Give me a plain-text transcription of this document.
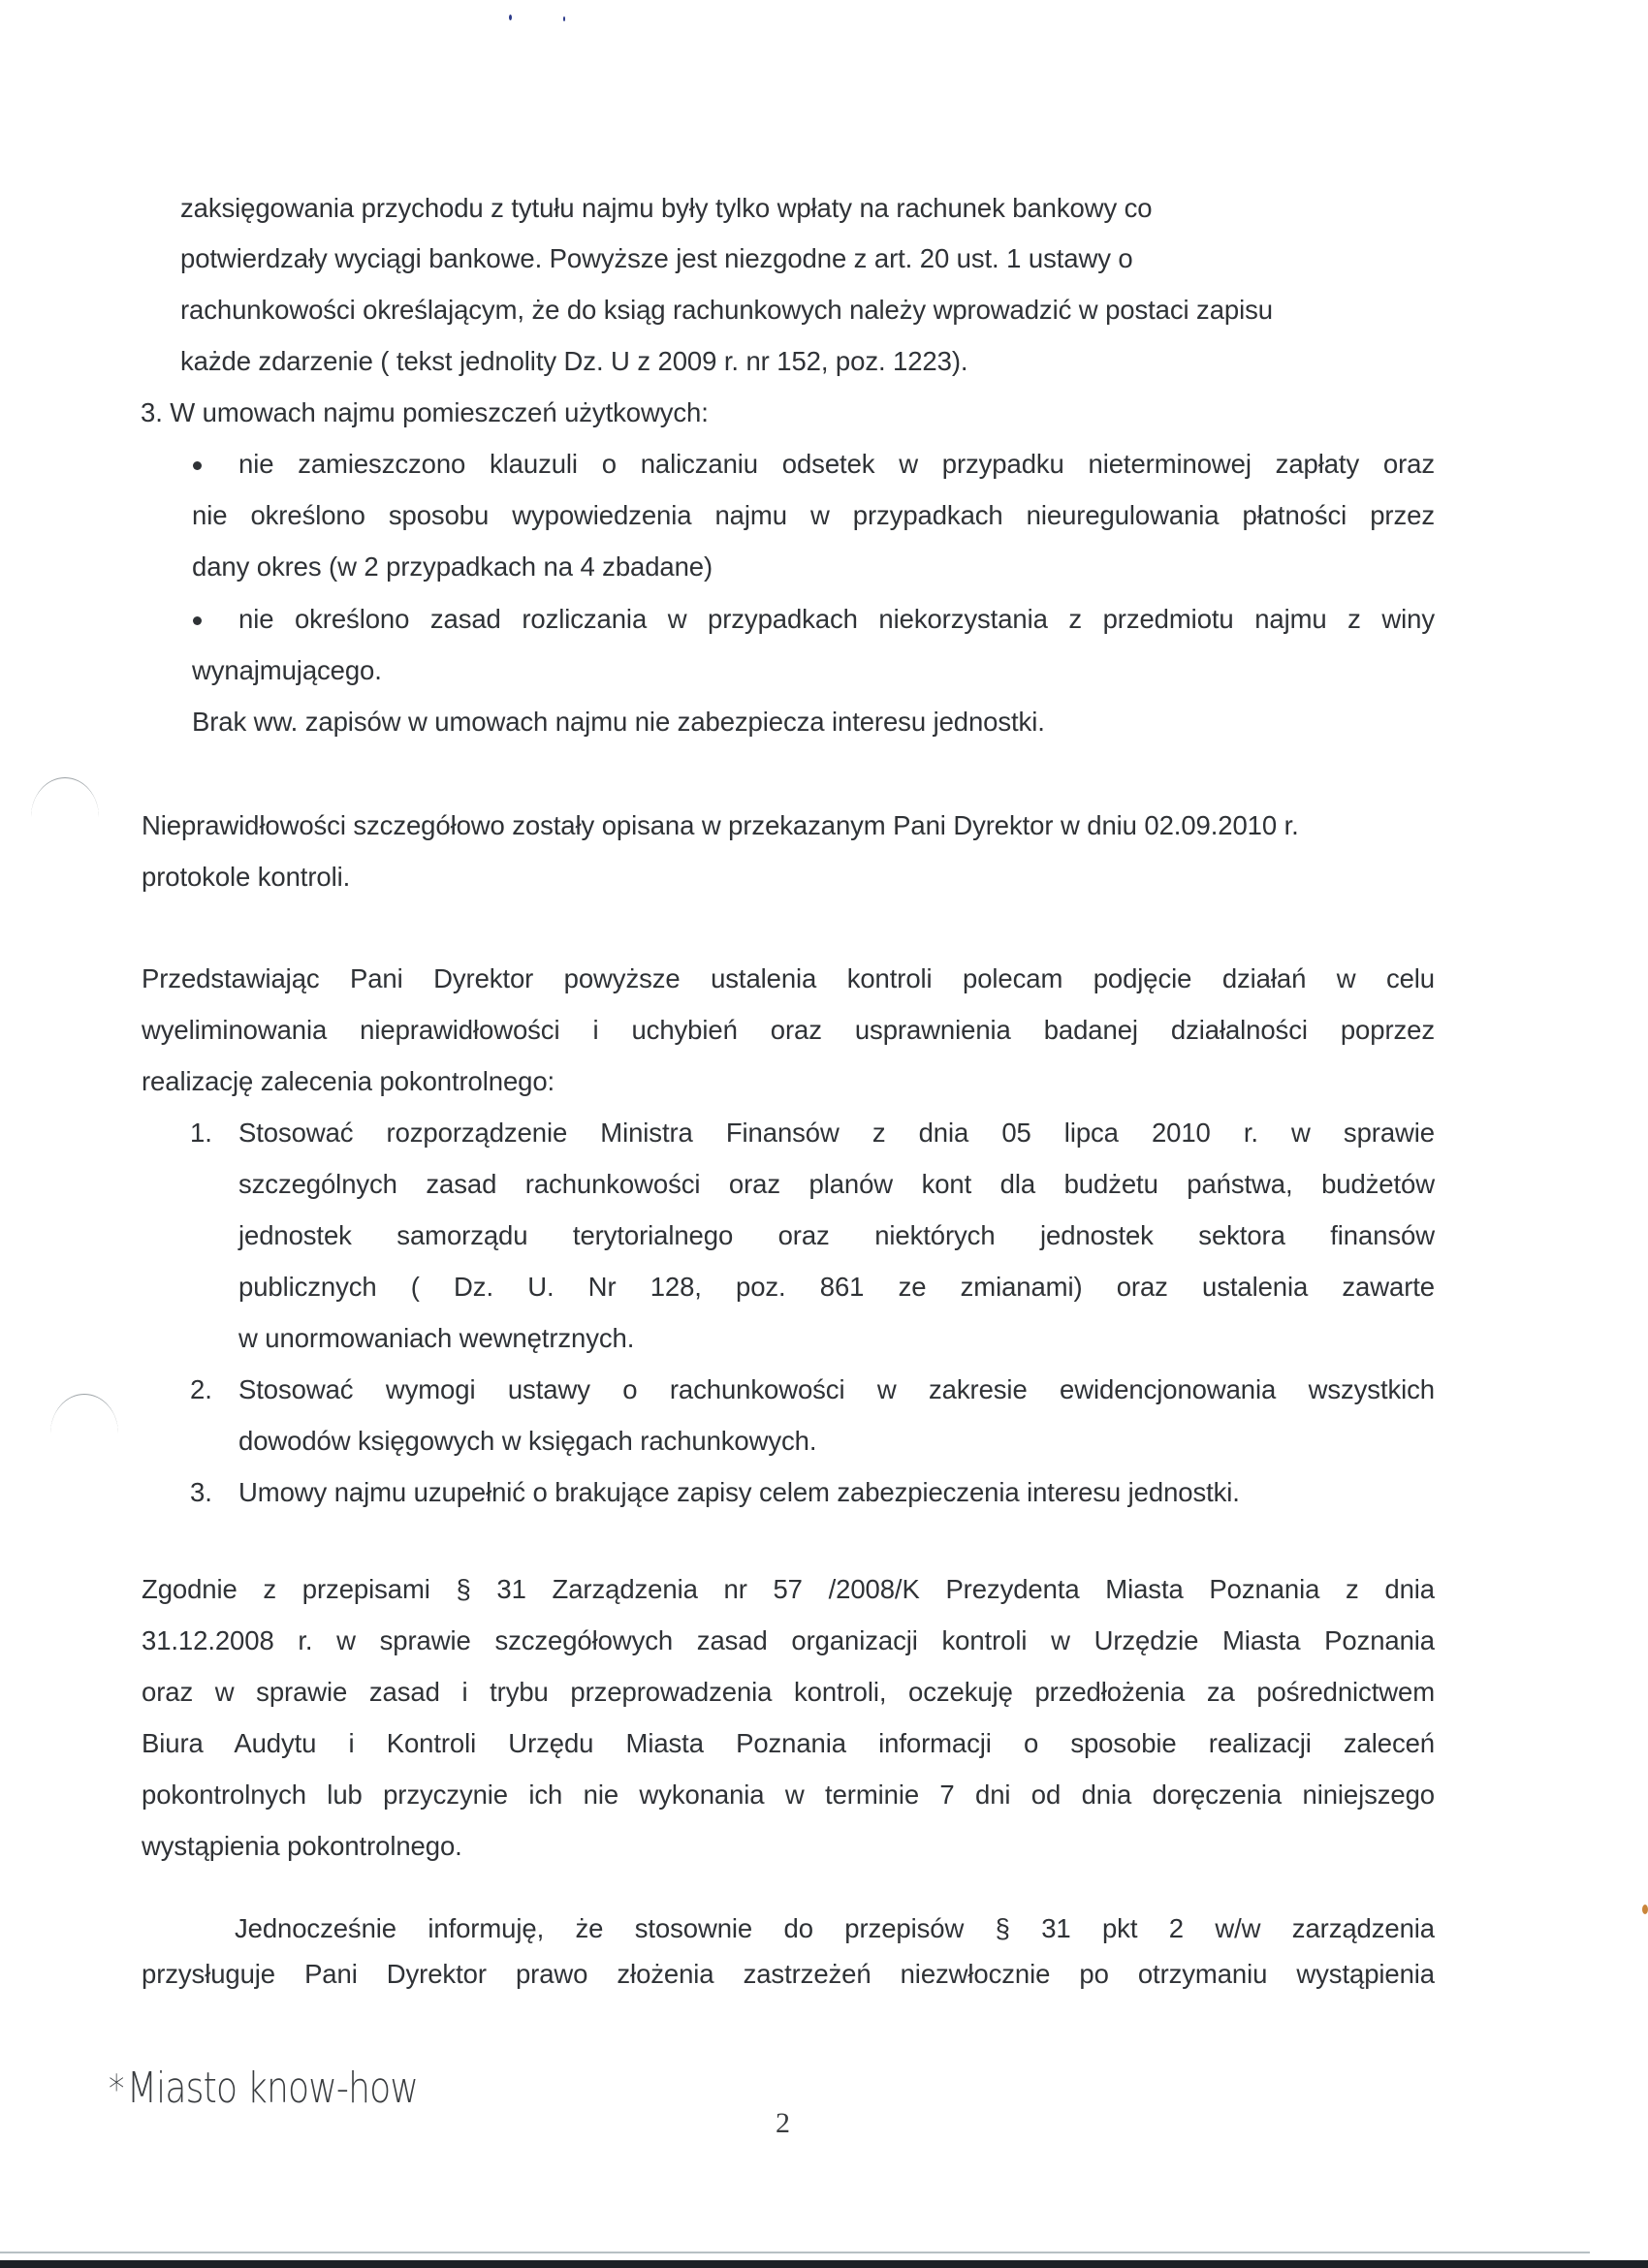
zaksięgowania przychodu z tytułu najmu były tylko wpłaty na rachunek bankowy co
potwierdzały wyciągi bankowe. Powyższe jest niezgodne z art. 20 ust. 1 ustawy o
rachunkowości określającym, że do ksiąg rachunkowych należy wprowadzić w postaci zapisu
każde zdarzenie ( tekst jednolity Dz. U z 2009 r. nr 152, poz. 1223).
3. W umowach najmu pomieszczeń użytkowych:
nie zamieszczono klauzuli o naliczaniu odsetek w przypadku nieterminowej zapłaty oraz
nie określono sposobu wypowiedzenia najmu w przypadkach nieuregulowania płatności przez
dany okres (w 2 przypadkach na 4 zbadane)
nie określono zasad rozliczania w przypadkach niekorzystania z przedmiotu najmu z winy
wynajmującego.
Brak ww. zapisów w umowach najmu nie zabezpiecza interesu jednostki.
Nieprawidłowości szczegółowo zostały opisana w przekazanym Pani Dyrektor w dniu 02.09.2010 r.
protokole kontroli.
Przedstawiając Pani Dyrektor powyższe ustalenia kontroli polecam podjęcie działań w celu
wyeliminowania nieprawidłowości i uchybień oraz usprawnienia badanej działalności poprzez
realizację zalecenia pokontrolnego:
1. Stosować rozporządzenie Ministra Finansów z dnia 05 lipca 2010 r. w sprawie
szczególnych zasad rachunkowości oraz planów kont dla budżetu państwa, budżetów
jednostek samorządu terytorialnego oraz niektórych jednostek sektora finansów
publicznych ( Dz. U. Nr 128, poz. 861 ze zmianami) oraz ustalenia zawarte
w unormowaniach wewnętrznych.
2. Stosować wymogi ustawy o rachunkowości w zakresie ewidencjonowania wszystkich
dowodów księgowych w księgach rachunkowych.
3. Umowy najmu uzupełnić o brakujące zapisy celem zabezpieczenia interesu jednostki.
Zgodnie z przepisami § 31 Zarządzenia nr 57 /2008/K Prezydenta Miasta Poznania z dnia
31.12.2008 r. w sprawie szczegółowych zasad organizacji kontroli w Urzędzie Miasta Poznania
oraz w sprawie zasad i trybu przeprowadzenia kontroli, oczekuję przedłożenia za pośrednictwem
Biura Audytu i Kontroli Urzędu Miasta Poznania informacji o sposobie realizacji zaleceń
pokontrolnych lub przyczynie ich nie wykonania w terminie 7 dni od dnia doręczenia niniejszego
wystąpienia pokontrolnego.
Jednocześnie informuję, że stosownie do przepisów § 31 pkt 2 w/w zarządzenia
przysługuje Pani Dyrektor prawo złożenia zastrzeżeń niezwłocznie po otrzymaniu wystąpienia
*Miasto know-how
2
